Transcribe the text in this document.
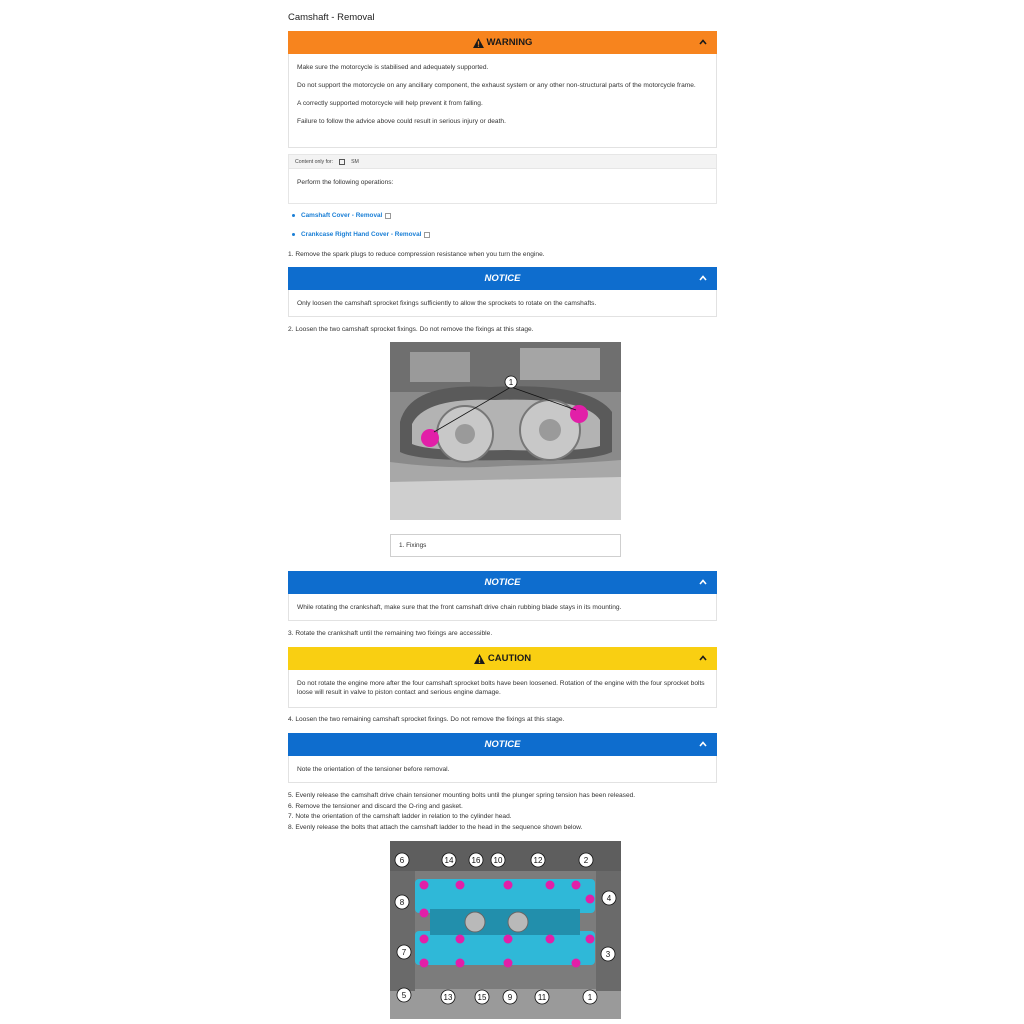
Camshaft - Removal
WARNING

Make sure the motorcycle is stabilised and adequately supported.

Do not support the motorcycle on any ancillary component, the exhaust system or any other non-structural parts of the motorcycle frame.

A correctly supported motorcycle will help prevent it from falling.

Failure to follow the advice above could result in serious injury or death.

Content only for:	SM
Perform the following operations:
Camshaft Cover - Removal
Crankcase Right Hand Cover - Removal
1. Remove the spark plugs to reduce compression resistance when you turn the engine.
NOTICE

Only loosen the camshaft sprocket fixings sufficiently to allow the sprockets to rotate on the camshafts.

2. Loosen the two camshaft sprocket fixings. Do not remove the fixings at this stage.
1
1. Fixings
NOTICE

While rotating the crankshaft, make sure that the front camshaft drive chain rubbing blade stays in its mounting.

3. Rotate the crankshaft until the remaining two fixings are accessible.
CAUTION

Do not rotate the engine more after the four camshaft sprocket bolts have been loosened. Rotation of the engine with the four sprocket bolts loose will result in valve to piston contact and serious engine damage.

4. Loosen the two remaining camshaft sprocket fixings. Do not remove the fixings at this stage.
NOTICE

Note the orientation of the tensioner before removal.

5. Evenly release the camshaft drive chain tensioner mounting bolts until the plunger spring tension has been released.
6. Remove the tensioner and discard the O-ring and gasket.
7. Note the orientation of the camshaft ladder in relation to the cylinder head.
8. Evenly release the bolts that attach the camshaft ladder to the head in the sequence shown below.
6	14 16 10	12	2
8	4
7	3
5	13	15	9	11	1
